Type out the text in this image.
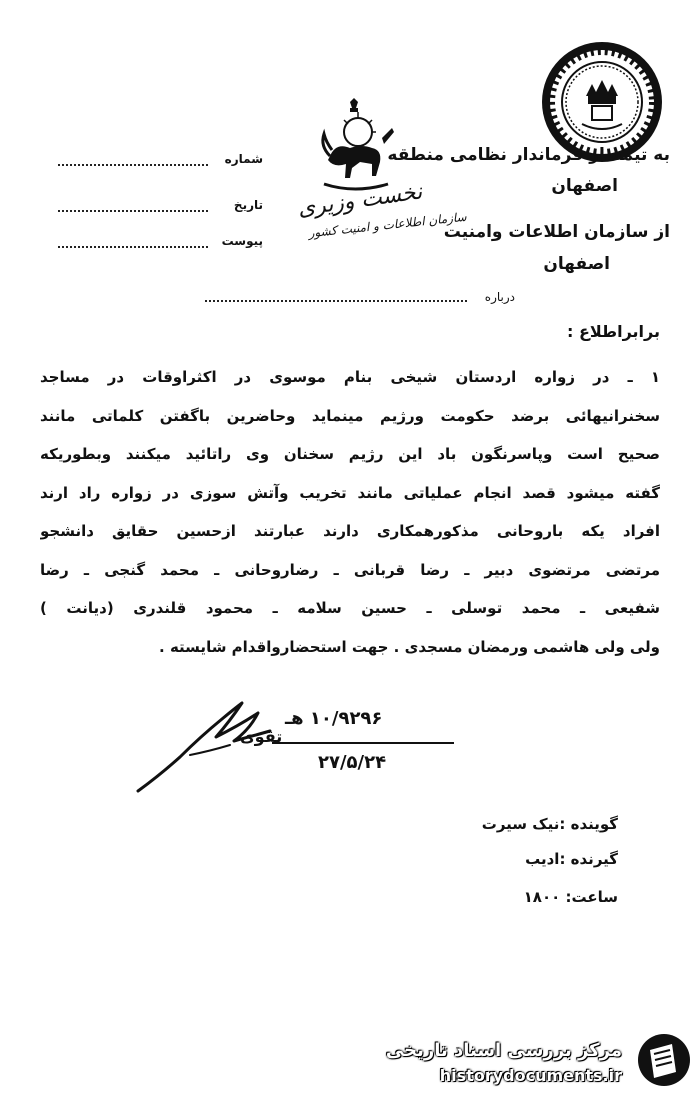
نخست وزیری
سازمان اطلاعات و امنیت کشور
شماره
تاریخ
پیوست
به تیمسار فرماندار نظامی منطقه
اصفهان
از سازمان اطلاعات وامنیت
اصفهان
درباره
برابراطلاع :
۱ ـ در زواره اردستان شیخی بنام موسوی در اکثراوقات در مساجد
سخنرانیهائی برضد حکومت ورژیم مینماید وحاضرین باگفتن کلماتی مانند
صحیح است وپاسرنگون باد این رژیم سخنان وی راتائید میکنند وبطوریکه
گفته میشود قصد انجام عملیاتی مانند تخریب وآتش سوزی در زواره راد ارند
افراد یکه باروحانی مذکورهمکاری دارند عبارتند ازحسین حقایق دانشجو
مرتضی مرتضوی دبیر ـ رضا قربانی ـ رضاروحانی ـ محمد گنجی ـ رضا
شفیعی ـ محمد توسلی ـ حسین سلامه ـ محمود قلندری (دیانت )
ولی ولی هاشمی ورمضان مسجدی . جهت استحضارواقدام شایسته .
۱۰/۹۲۹۶ هـ
تقوی
۲۷/۵/۲۴
گوینده :نیک سیرت
گیرنده :ادیب
ساعت: ۱۸۰۰
مرکز بررسی اسناد تاریخی
historydocuments.ir
